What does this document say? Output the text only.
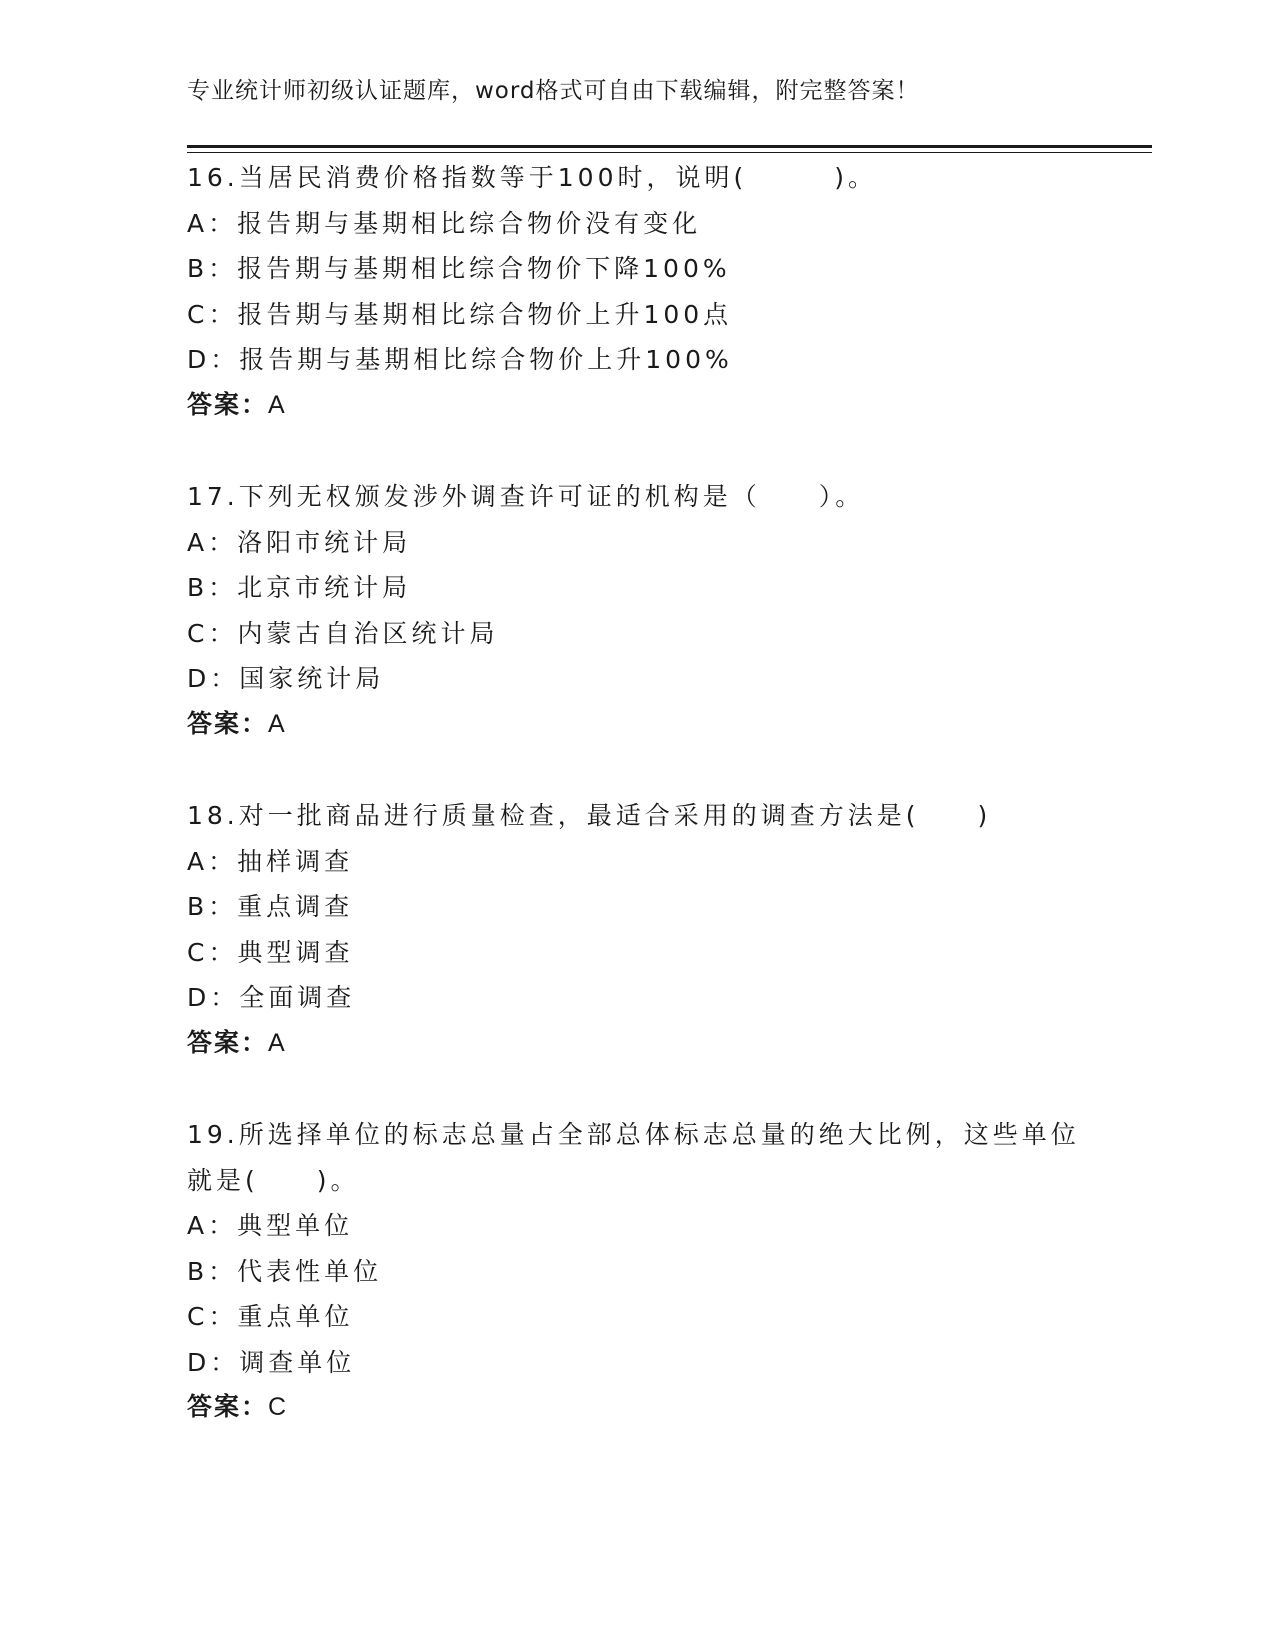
专业统计师初级认证题库，word格式可自由下载编辑，附完整答案！
16.当居民消费价格指数等于100时，说明(　　　)。
A：报告期与基期相比综合物价没有变化
B：报告期与基期相比综合物价下降100%
C：报告期与基期相比综合物价上升100点
D：报告期与基期相比综合物价上升100%
答案：A
17.下列无权颁发涉外调查许可证的机构是（　　）。
A：洛阳市统计局
B：北京市统计局
C：内蒙古自治区统计局
D：国家统计局
答案：A
18.对一批商品进行质量检查，最适合采用的调查方法是(　　)
A：抽样调查
B：重点调查
C：典型调查
D：全面调查
答案：A
19.所选择单位的标志总量占全部总体标志总量的绝大比例，这些单位
就是(　　)。
A：典型单位
B：代表性单位
C：重点单位
D：调查单位
答案：C
